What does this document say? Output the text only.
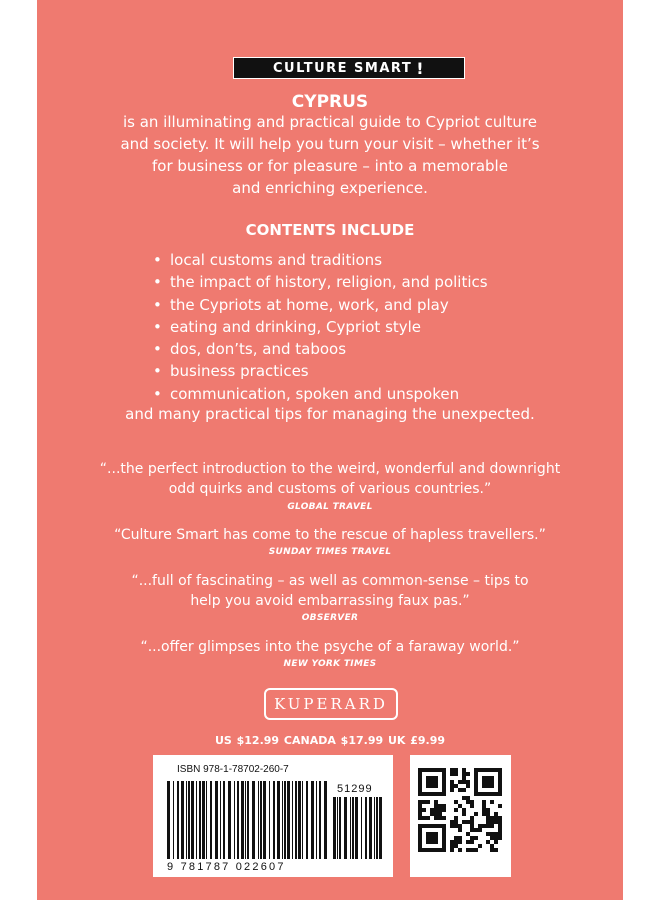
CULTURE SMART !
CYPRUS
is an illuminating and practical guide to Cypriot culture
and society. It will help you turn your visit – whether it’s
for business or for pleasure – into a memorable
and enriching experience.
CONTENTS INCLUDE
• local customs and traditions
• the impact of history, religion, and politics
• the Cypriots at home, work, and play
• eating and drinking, Cypriot style
• dos, don’ts, and taboos
• business practices
• communication, spoken and unspoken
and many practical tips for managing the unexpected.
“...the perfect introduction to the weird, wonderful and downright
odd quirks and customs of various countries.”
GLOBAL TRAVEL
“Culture Smart has come to the rescue of hapless travellers.”
SUNDAY TIMES TRAVEL
“...full of fascinating – as well as common-sense – tips to
help you avoid embarrassing faux pas.”
OBSERVER
“...offer glimpses into the psyche of a faraway world.”
NEW YORK TIMES
KUPERARD
US $12.99 CANADA $17.99 UK £9.99
ISBN 978-1-78702-260-7
51299
9 781787 022607
